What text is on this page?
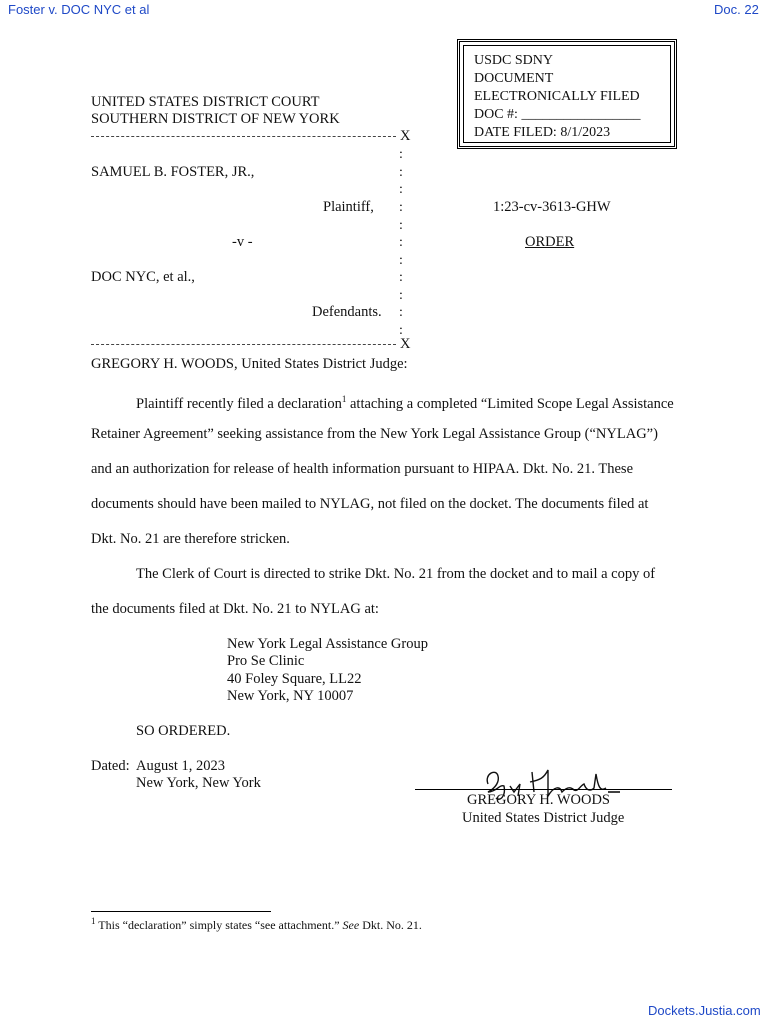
Foster v. DOC NYC et al	Doc. 22
USDC SDNY
DOCUMENT
ELECTRONICALLY FILED
DOC #: _________________
DATE FILED: 8/1/2023
UNITED STATES DISTRICT COURT
SOUTHERN DISTRICT OF NEW YORK
X
X
:
:
:
:
:
:
:
:
:
:
:
SAMUEL B. FOSTER, JR.,
Plaintiff,
-v -
DOC NYC, et al.,
Defendants.
1:23-cv-3613-GHW
ORDER
GREGORY H. WOODS, United States District Judge:
Plaintiff recently filed a declaration$^1$ attaching a completed “Limited Scope Legal Assistance
Retainer Agreement” seeking assistance from the New York Legal Assistance Group (“NYLAG”)
and an authorization for release of health information pursuant to HIPAA. Dkt. No. 21. These
documents should have been mailed to NYLAG, not filed on the docket. The documents filed at
Dkt. No. 21 are therefore stricken.
The Clerk of Court is directed to strike Dkt. No. 21 from the docket and to mail a copy of
the documents filed at Dkt. No. 21 to NYLAG at:
New York Legal Assistance Group
Pro Se Clinic
40 Foley Square, LL22
New York, NY 10007
SO ORDERED.
Dated: August 1, 2023
New York, New York
GREGORY H. WOODS
United States District Judge
$^1$ This “declaration” simply states “see attachment.” See Dkt. No. 21.
Dockets.Justia.com
